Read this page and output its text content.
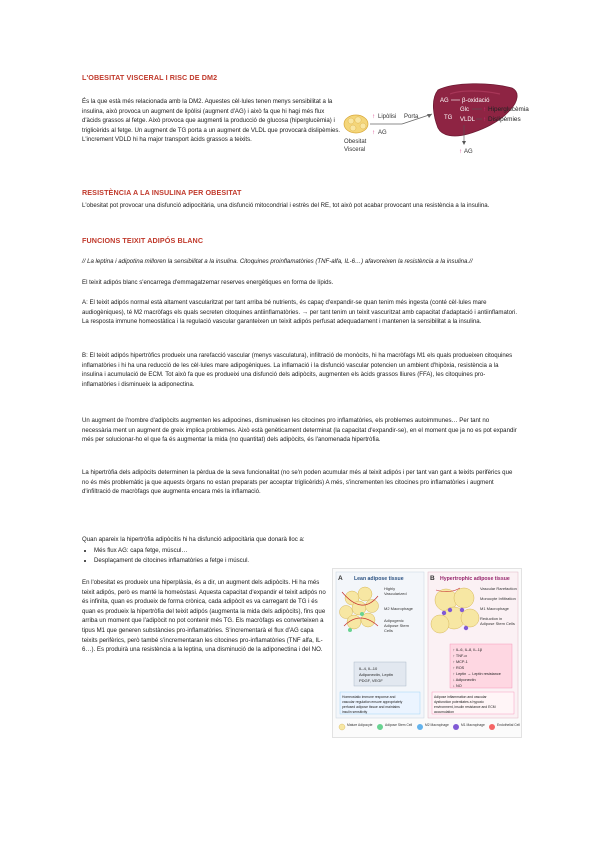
L'OBESITAT VISCERAL I RISC DE DM2

És la que està més relacionada amb la DM2. Aquestes cèl·lules tenen menys sensibilitat a la insulina, això provoca un augment de lipòlisi (augment d'AG) i això fa que hi hagi més flux d'àcids grassos al fetge. Això provoca que augmenti la producció de glucosa (hiperglucèmia) i triglicèrids al fetge. Un augment de TG porta a un augment de VLDL que provocarà dislipèmies. L'increment VDLD hi ha major transport àcids grassos a teixits.	Obesitat
Visceral
Lipòlisi
↑
↑ AG
Porta
AG β-oxidació
TG
Glc
VLDL
↑ Hiperglucèmia
↑ Dislipèmies
↑ AG
RESISTÈNCIA A LA INSULINA PER OBESITAT

L'obesitat pot provocar una disfunció adipocitària, una disfunció mitocondrial i estrès del RE, tot això pot acabar provocant una resistència a la insulina.

FUNCIONS TEIXIT ADIPÓS BLANC

// La leptina i adipotina milloren la sensibilitat a la insulina. Citoquines proinflamatòries (TNF-alfa, IL-6…) afavoreixen la resistència a la insulina.//

El teixit adipós blanc s'encarrega d'emmagatzemar reserves energètiques en forma de lípids.

A: El teixit adipós normal està altament vascularitzat per tant arriba bé nutrients, és capaç d'expandir-se quan tenim més ingesta (conté cèl·lules mare audiogèniques), té M2 macròfags els quals secreten citoquines antiinflamatòries. → per tant tenim un teixit vascuritzat amb capacitat d'adaptació i antiinflamatori. La resposta immune homeostàtica i la regulació vascular garanteixen un teixit adipós perfusat adequadament i mantenen la sensibilitat a la insulina.

B: El teixit adipós hipertròfics produeix una rarefacció vascular (menys vasculatura), infiltració de monòcits, hi ha macròfags M1 els quals produeixen citoquines inflamatòries i hi ha una reducció de les cèl·lules mare adipogèniques. La inflamació i la disfunció vascular potencien un ambient d'hipòxia, resistència a la insulina i acumulació de ECM. Tot això fa que es produeixi una disfunció dels adipòcits, augmenten els àcids grassos lliures (FFA), les citoquines pro-inflamatòries i disminueix la adiponectina.

Un augment de l'nombre d'adipòcits augmenten les adipocines, disminueixen les citocines pro inflamatòries, els problemes autoimmunes… Per tant no necessària ment un augment de greix implica problemes. Això està genèticament determinat (la capacitat d'expandir-se), en el moment que ja no es pot expandir més per solucionar-ho el que fa és augmentar la mida (no quantitat) dels adipòcits, és l'anomenada hipertròfia.

La hipertròfia dels adipòcits determinen la pèrdua de la seva funcionalitat (no se'n poden acumular més al teixit adipós i per tant van gant a teixits perifèrics que no és més problemàtic ja que aquests òrgans no estan preparats per acceptar triglicèrids) A més, s'incrementen les citocines pro inflamatòries i augment d'infiltració de macròfags que augmenta encara més la inflamació.

Quan apareix la hipertròfia adipòcitis hi ha disfunció adipocitària que donarà lloc a:

• Més flux AG: capa fetge, múscul…
• Desplaçament de citocines inflamatòries a fetge i múscul.

En l'obesitat es produeix una hiperplàsia, és a dir, un augment dels adipòcits. Hi ha més teixit adipós, però es manté la homeòstasi. Aquesta capacitat d'expandir el teixit adipós no és infinita, quan es produeix de forma crònica, cada adipòcit es va carregant de TG i és quan es produeix la hipertròfia del teixit adipós (augmenta la mida dels adipòcits), fins que arriba un moment que l'adipòcit no pot contenir més TG. Els macròfags es converteixen a tipus M1 que generen substàncies pro-inflamatòries. S'incrementarà el flux d'AG capa teixits perifèrics, però també s'incrementaran les citocines pro-inflamatòries (TNF alfa, IL-6…). Es produirà una resistència a la leptina, una disminució de la adiponectina i del NO.

A Lean adipose tissue
Highly
Vascularized
M2 Macrophage
Adipogenic
Adipose Stem
Cells
IL-4, IL-10
Adiponectin, Leptin
PDGF, VEGF
Homeostatic immune response and
vascular regulation ensure appropriately
perfused adipose tissue and maintains
insulin sensitivity
B Hypertrophic adipose tissue
Vascular Rarefaction
Monocyte Infiltration
M1 Macrophage
Reduction in
Adipose Stem Cells
↑ IL-6, IL-8, IL-1β
↑ TNF-α
↑ MCP-1
↑ ROS
↑ Leptin → Leptin resistance
↓ Adiponectin
↓ NO
Adipose inflammation and vascular
dysfunction potentiates a hypoxic
environment, insulin resistance and ECM
accumulation
Mature Adipocyte	Adipose Stem Cell	M2 Macrophage	M1 Macrophage	Endothelial Cell
